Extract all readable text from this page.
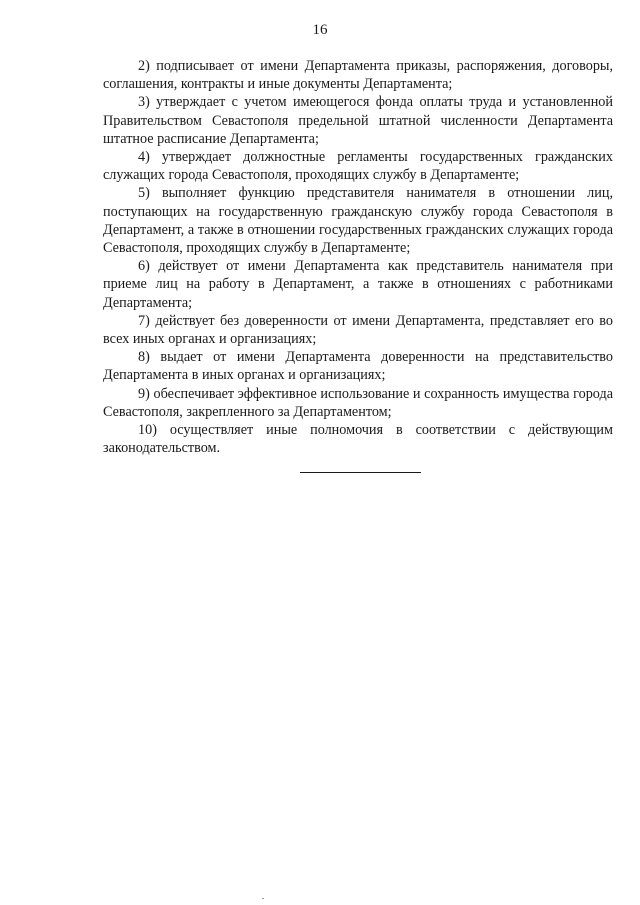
16

2) подписывает от имени Департамента приказы, распоряжения, договоры, соглашения, контракты и иные документы Департамента;

3) утверждает с учетом имеющегося фонда оплаты труда и установленной Правительством Севастополя предельной штатной численности Департамента штатное расписание Департамента;

4) утверждает должностные регламенты государственных гражданских служащих города Севастополя, проходящих службу в Департаменте;

5) выполняет функцию представителя нанимателя в отношении лиц, поступающих на государственную гражданскую службу города Севастополя в Департамент, а также в отношении государственных гражданских служащих города Севастополя, проходящих службу в Департаменте;

6) действует от имени Департамента как представитель нанимателя при приеме лиц на работу в Департамент, а также в отношениях с работниками Департамента;

7) действует без доверенности от имени Департамента, представляет его во всех иных органах и организациях;

8) выдает от имени Департамента доверенности на представительство Департамента в иных органах и организациях;

9) обеспечивает эффективное использование и сохранность имущества города Севастополя, закрепленного за Департаментом;

10) осуществляет иные полномочия в соответствии с действующим законодательством.
